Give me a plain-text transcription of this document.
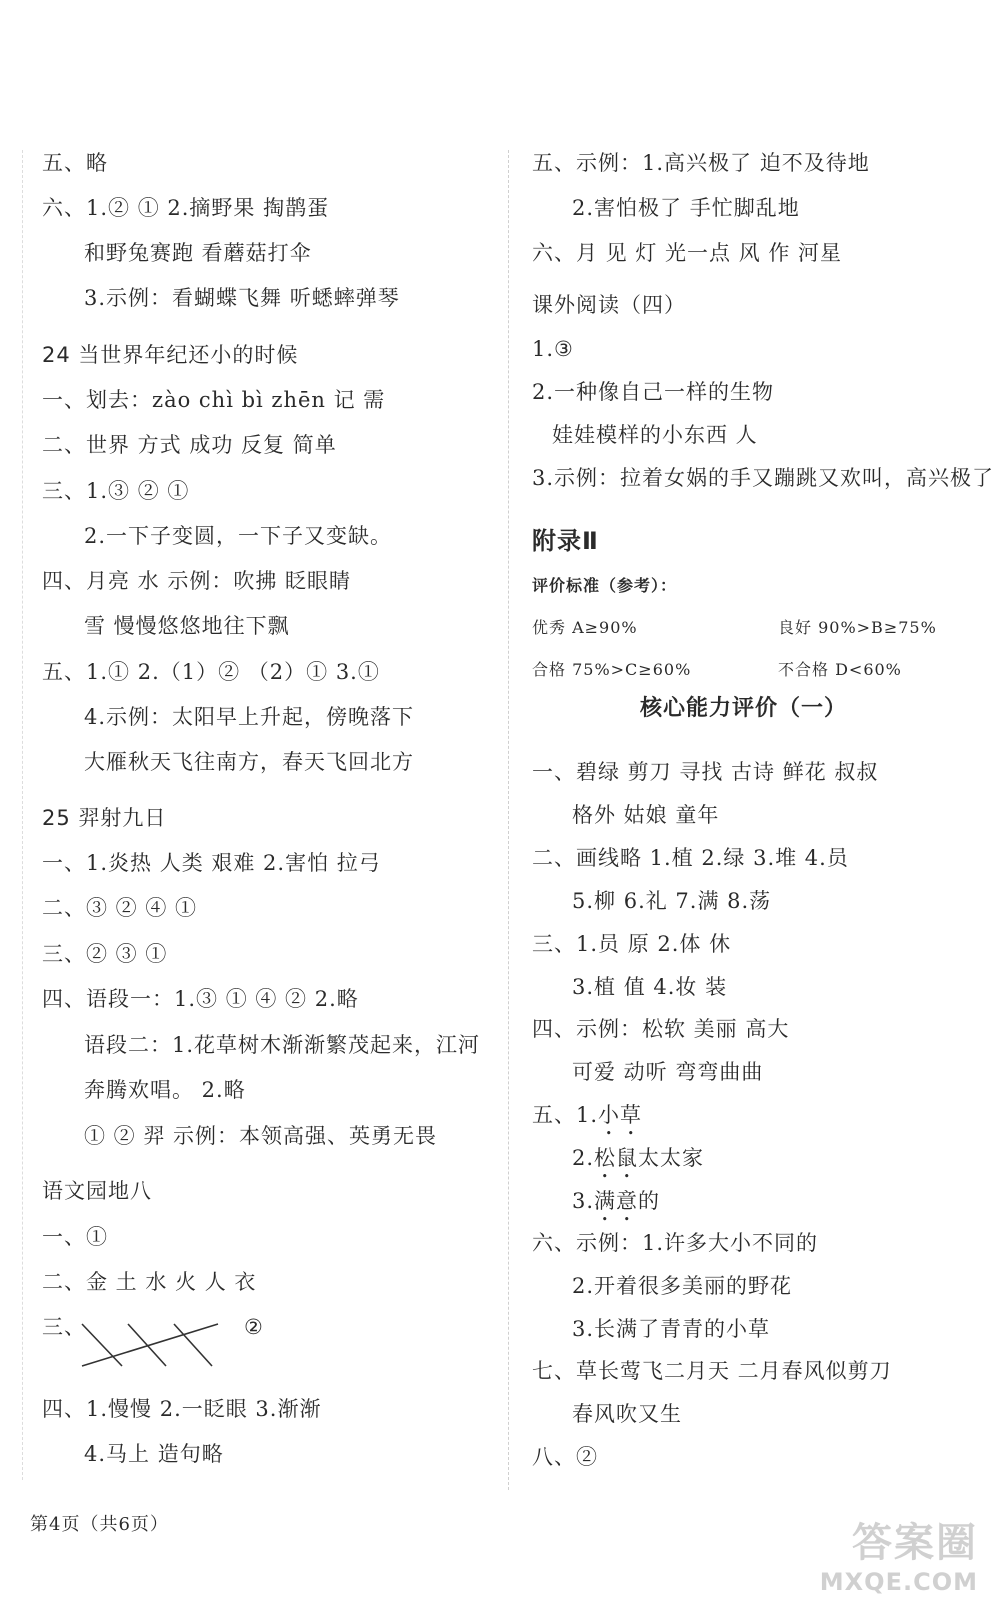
五、略
六、1.② ① 2.摘野果 掏鹊蛋
和野兔赛跑 看蘑菇打伞
3.示例：看蝴蝶飞舞 听蟋蟀弹琴
24 当世界年纪还小的时候
一、划去：zào chì bì zhēn 记 需
二、世界 方式 成功 反复 简单
三、1.③ ② ①
2.一下子变圆，一下子又变缺。
四、月亮 水 示例：吹拂 眨眼睛
雪 慢慢悠悠地往下飘
五、1.① 2.（1）② （2）① 3.①
4.示例：太阳早上升起，傍晚落下
大雁秋天飞往南方，春天飞回北方
25 羿射九日
一、1.炎热 人类 艰难 2.害怕 拉弓
二、③ ② ④ ①
三、② ③ ①
四、语段一：1.③ ① ④ ② 2.略
语段二：1.花草树木渐渐繁茂起来，江河
奔腾欢唱。 2.略
① ② 羿 示例：本领高强、英勇无畏
语文园地八
一、①
二、金 土 水 火 人 衣
三、	②
四、1.慢慢 2.一眨眼 3.渐渐
4.马上 造句略
五、示例：1.高兴极了 迫不及待地
2.害怕极了 手忙脚乱地
六、月 见 灯 光一点 风 作 河星
课外阅读（四）
1.③
2.一种像自己一样的生物
娃娃模样的小东西 人
3.示例：拉着女娲的手又蹦跳又欢叫，高兴极了
附录Ⅱ
评价标准（参考）：
优秀 A≥90%	良好 90%>B≥75%
合格 75%>C≥60%	不合格 D<60%
核心能力评价（一）
一、碧绿 剪刀 寻找 古诗 鲜花 叔叔
格外 姑娘 童年
二、画线略 1.植 2.绿 3.堆 4.员
5.柳 6.礼 7.满 8.荡
三、1.员 原 2.体 休
3.植 值 4.妆 装
四、示例：松软 美丽 高大
可爱 动听 弯弯曲曲
五、1.小草
2.松鼠太太家
3.满意的
六、示例：1.许多大小不同的
2.开着很多美丽的野花
3.长满了青青的小草
七、草长莺飞二月天 二月春风似剪刀
春风吹又生
八、②
第4页（共6页）	答案圈
MXQE.COM
